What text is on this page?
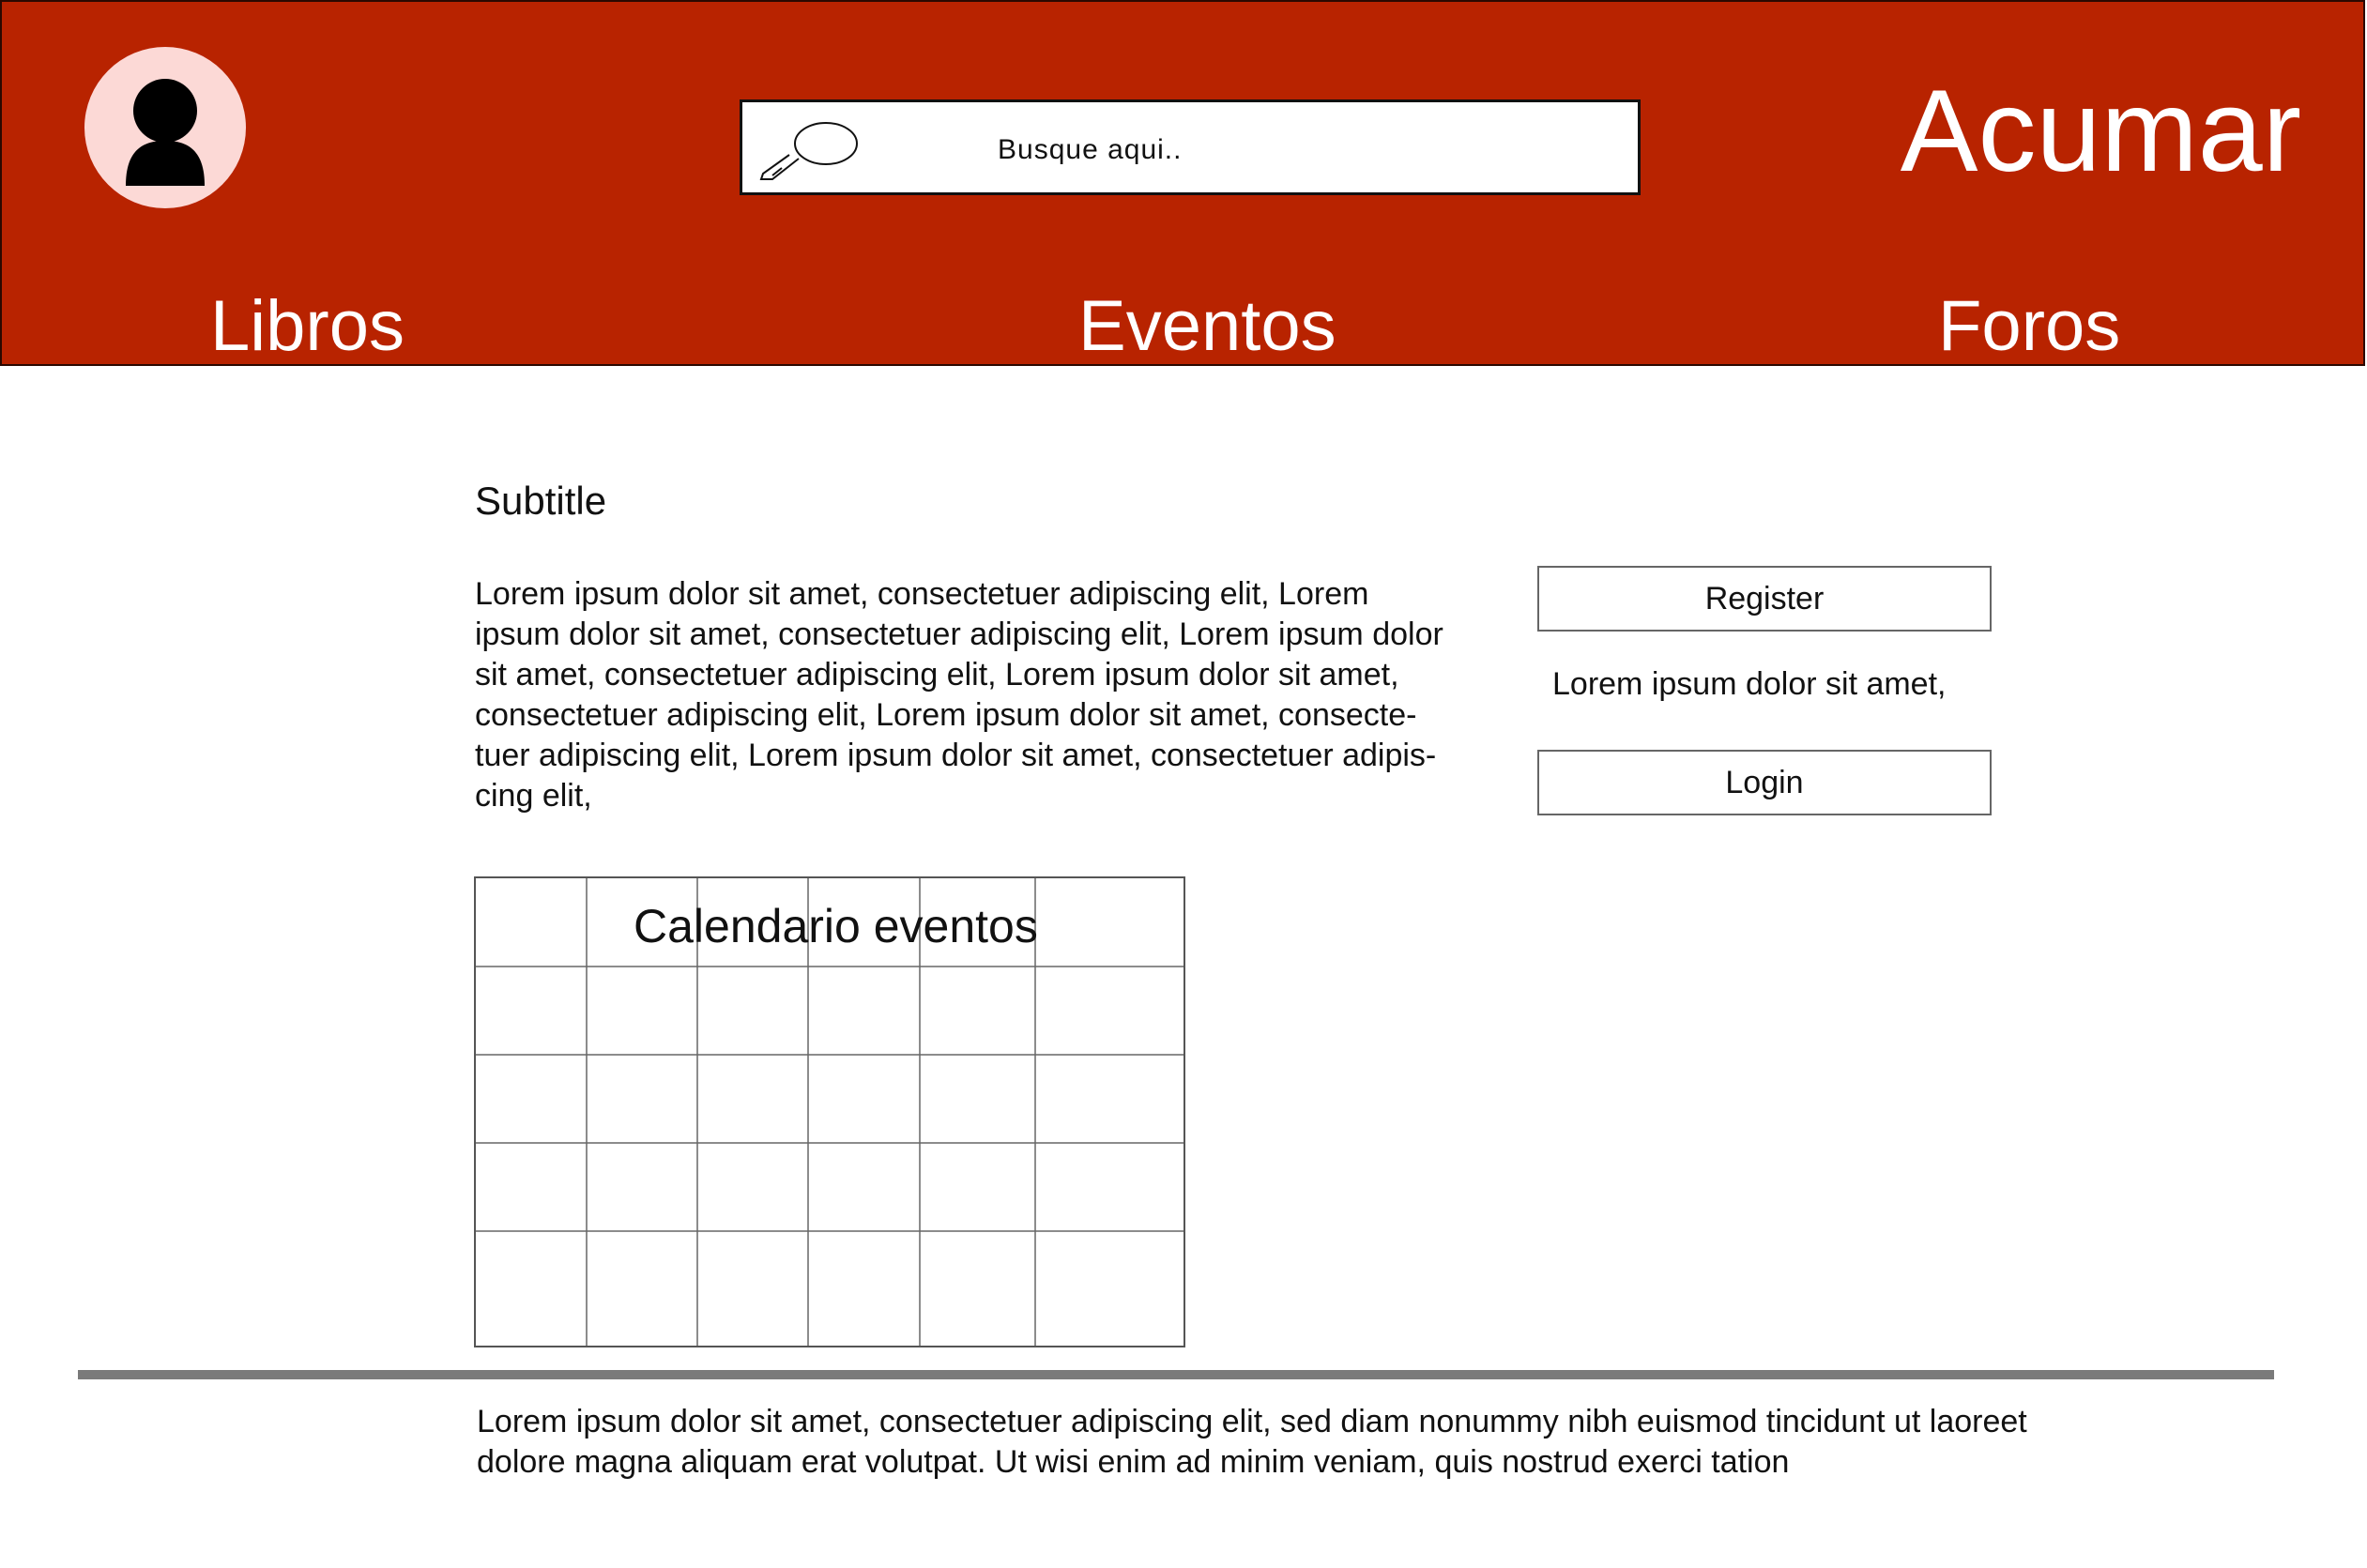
Busque aqui..	Acumar
Libros	Eventos	Foros
Subtitle
Lorem ipsum dolor sit amet, consectetuer adipiscing elit, Lorem ipsum dolor sit amet, consectetuer adipiscing elit, Lorem ipsum dolor sit amet, consectetuer adipiscing elit, Lorem ipsum dolor sit amet, consectetuer adipiscing elit, Lorem ipsum dolor sit amet, consecte-tuer adipiscing elit, Lorem ipsum dolor sit amet, consectetuer adipis-cing elit,
Register
Lorem ipsum dolor sit amet,
Login
Calendario eventos
Lorem ipsum dolor sit amet, consectetuer adipiscing elit, sed diam nonummy nibh euismod tincidunt ut laoreet dolore magna aliquam erat volutpat. Ut wisi enim ad minim veniam, quis nostrud exerci tation
